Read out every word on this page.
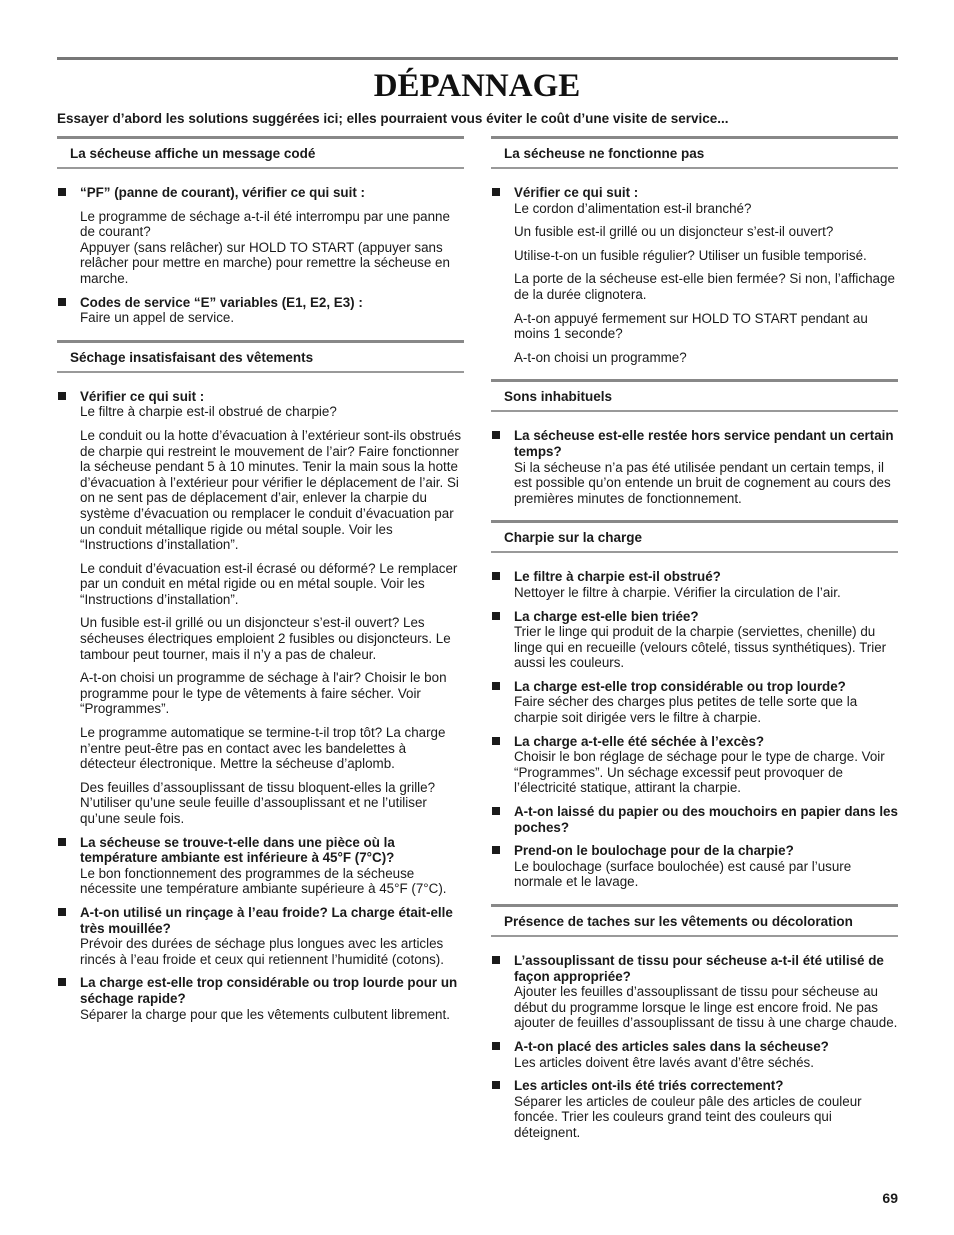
DÉPANNAGE
Essayer d’abord les solutions suggérées ici; elles pourraient vous éviter le coût d’une visite de service...
La sécheuse affiche un message codé
“PF” (panne de courant), vérifier ce qui suit :
Le programme de séchage a-t-il été interrompu par une panne de courant?
Appuyer (sans relâcher) sur HOLD TO START (appuyer sans relâcher pour mettre en marche) pour remettre la sécheuse en marche.
Codes de service “E” variables (E1, E2, E3) :
Faire un appel de service.
Séchage insatisfaisant des vêtements
Vérifier ce qui suit :
Le filtre à charpie est-il obstrué de charpie?
Le conduit ou la hotte d’évacuation à l’extérieur sont-ils obstrués de charpie qui restreint le mouvement de l’air? Faire fonctionner la sécheuse pendant 5 à 10 minutes. Tenir la main sous la hotte d’évacuation à l’extérieur pour vérifier le déplacement de l’air. Si on ne sent pas de déplacement d’air, enlever la charpie du système d’évacuation ou remplacer le conduit d’évacuation par un conduit métallique rigide ou métal souple. Voir les “Instructions d’installation”.
Le conduit d’évacuation est-il écrasé ou déformé? Le remplacer par un conduit en métal rigide ou en métal souple. Voir les “Instructions d’installation”.
Un fusible est-il grillé ou un disjoncteur s’est-il ouvert? Les sécheuses électriques emploient 2 fusibles ou disjoncteurs. Le tambour peut tourner, mais il n’y a pas de chaleur.
A-t-on choisi un programme de séchage à l'air? Choisir le bon programme pour le type de vêtements à faire sécher. Voir “Programmes”.
Le programme automatique se termine-t-il trop tôt? La charge n’entre peut-être pas en contact avec les bandelettes à détecteur électronique. Mettre la sécheuse d’aplomb.
Des feuilles d’assouplissant de tissu bloquent-elles la grille? N’utiliser qu’une seule feuille d’assouplissant et ne l’utiliser qu’une seule fois.
La sécheuse se trouve-t-elle dans une pièce où la température ambiante est inférieure à 45°F (7°C)?
Le bon fonctionnement des programmes de la sécheuse nécessite une température ambiante supérieure à 45°F (7°C).
A-t-on utilisé un rinçage à l’eau froide? La charge était-elle très mouillée?
Prévoir des durées de séchage plus longues avec les articles rincés à l’eau froide et ceux qui retiennent l’humidité (cotons).
La charge est-elle trop considérable ou trop lourde pour un séchage rapide?
Séparer la charge pour que les vêtements culbutent librement.
La sécheuse ne fonctionne pas
Vérifier ce qui suit :
Le cordon d’alimentation est-il branché?
Un fusible est-il grillé ou un disjoncteur s’est-il ouvert?
Utilise-t-on un fusible régulier? Utiliser un fusible temporisé.
La porte de la sécheuse est-elle bien fermée? Si non, l’affichage de la durée clignotera.
A-t-on appuyé fermement sur HOLD TO START pendant au moins 1 seconde?
A-t-on choisi un programme?
Sons inhabituels
La sécheuse est-elle restée hors service pendant un certain temps?
Si la sécheuse n’a pas été utilisée pendant un certain temps, il est possible qu’on entende un bruit de cognement au cours des premières minutes de fonctionnement.
Charpie sur la charge
Le filtre à charpie est-il obstrué?
Nettoyer le filtre à charpie. Vérifier la circulation de l’air.
La charge est-elle bien triée?
Trier le linge qui produit de la charpie (serviettes, chenille) du linge qui en recueille (velours côtelé, tissus synthétiques). Trier aussi les couleurs.
La charge est-elle trop considérable ou trop lourde?
Faire sécher des charges plus petites de telle sorte que la charpie soit dirigée vers le filtre à charpie.
La charge a-t-elle été séchée à l’excès?
Choisir le bon réglage de séchage pour le type de charge. Voir “Programmes”. Un séchage excessif peut provoquer de l’électricité statique, attirant la charpie.
A-t-on laissé du papier ou des mouchoirs en papier dans les poches?
Prend-on le boulochage pour de la charpie?
Le boulochage (surface boulochée) est causé par l’usure normale et le lavage.
Présence de taches sur les vêtements ou décoloration
L’assouplissant de tissu pour sécheuse a-t-il été utilisé de façon appropriée?
Ajouter les feuilles d’assouplissant de tissu pour sécheuse au début du programme lorsque le linge est encore froid. Ne pas ajouter de feuilles d’assouplissant de tissu à une charge chaude.
A-t-on placé des articles sales dans la sécheuse?
Les articles doivent être lavés avant d’être séchés.
Les articles ont-ils été triés correctement?
Séparer les articles de couleur pâle des articles de couleur foncée. Trier les couleurs grand teint des couleurs qui déteignent.
69
